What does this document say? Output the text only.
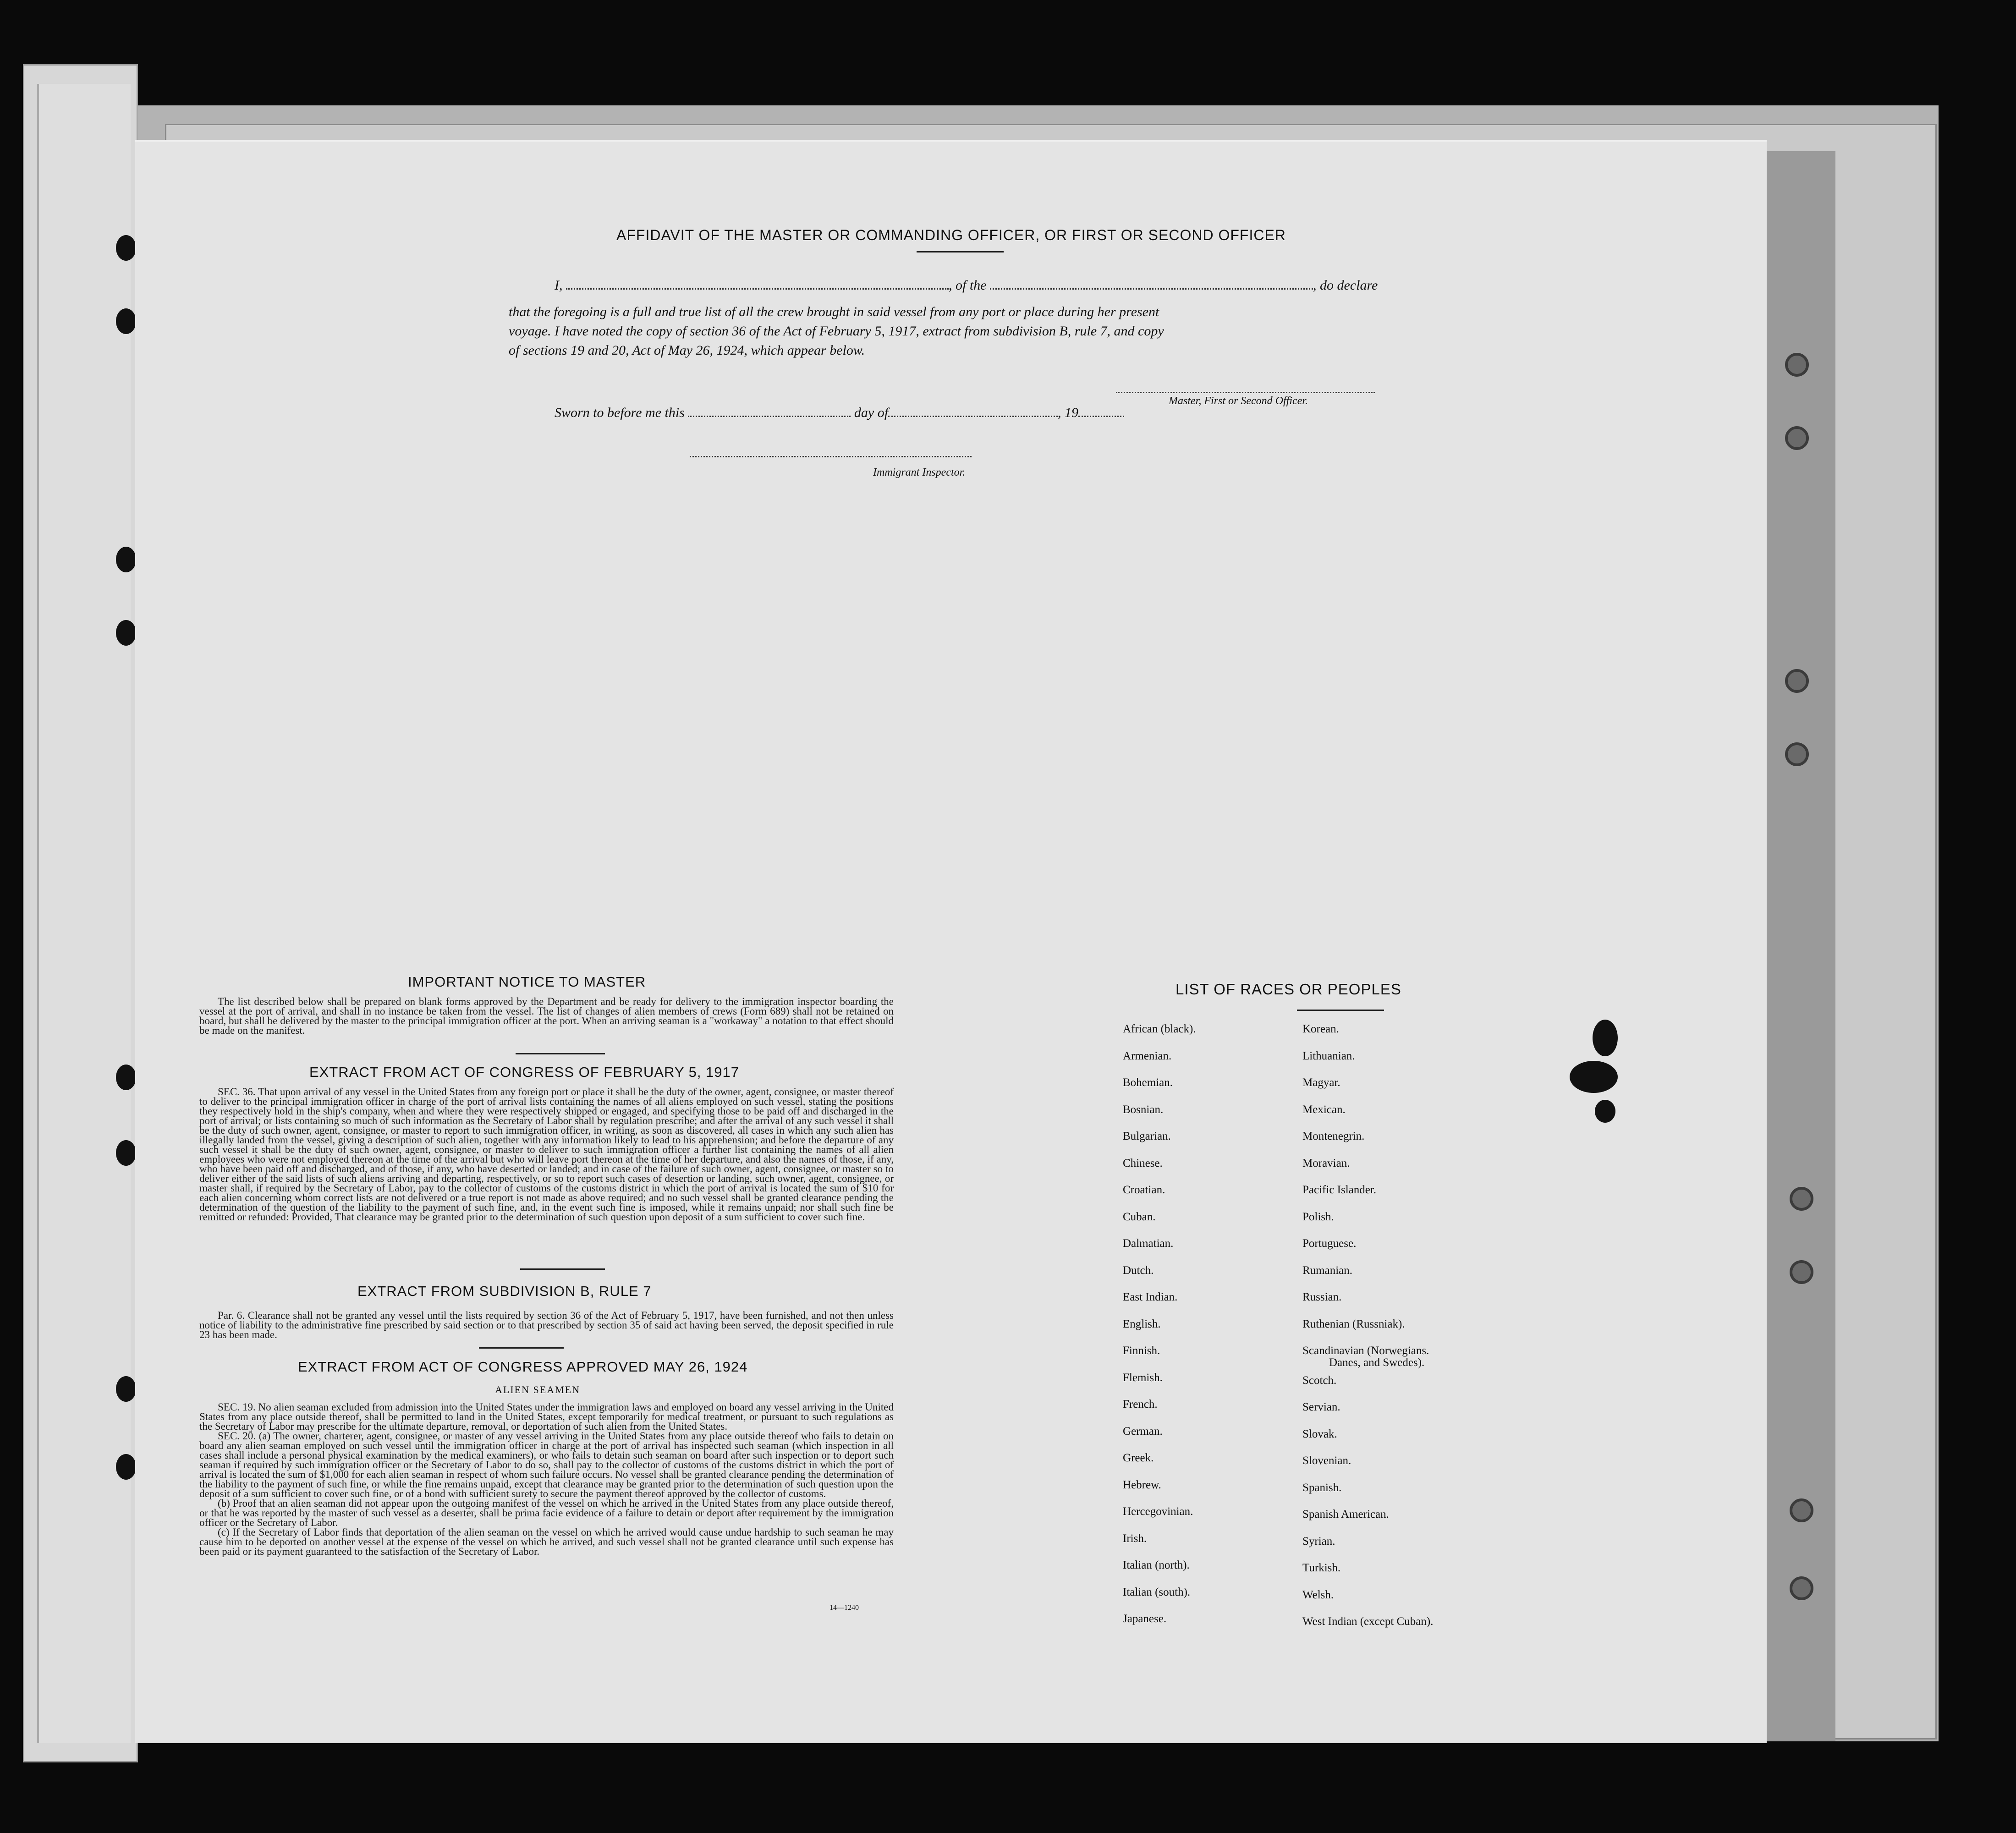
AFFIDAVIT OF THE MASTER OR COMMANDING OFFICER, OR FIRST OR SECOND OFFICER
I,	, of the	, do declare
that the foregoing is a full and true list of all the crew brought in said vessel from any port or place during her present
voyage. I have noted the copy of section 36 of the Act of February 5, 1917, extract from subdivision B, rule 7, and copy
of sections 19 and 20, Act of May 26, 1924, which appear below.
Master, First or Second Officer.
Sworn to before me this	day of	, 19
Immigrant Inspector.
IMPORTANT NOTICE TO MASTER
The list described below shall be prepared on blank forms approved by the Department and be ready for delivery to the immigration inspector boarding the vessel at the port of arrival, and shall in no instance be taken from the vessel. The list of changes of alien members of crews (Form 689) shall not be retained on board, but shall be delivered by the master to the principal immigration officer at the port. When an arriving seaman is a "workaway" a notation to that effect should be made on the manifest.
EXTRACT FROM ACT OF CONGRESS OF FEBRUARY 5, 1917
SEC. 36. That upon arrival of any vessel in the United States from any foreign port or place it shall be the duty of the owner, agent, consignee, or master thereof to deliver to the principal immigration officer in charge of the port of arrival lists containing the names of all aliens employed on such vessel, stating the positions they respectively hold in the ship's company, when and where they were respectively shipped or engaged, and specifying those to be paid off and discharged in the port of arrival; or lists containing so much of such information as the Secretary of Labor shall by regulation prescribe; and after the arrival of any such vessel it shall be the duty of such owner, agent, consignee, or master to report to such immigration officer, in writing, as soon as discovered, all cases in which any such alien has illegally landed from the vessel, giving a description of such alien, together with any information likely to lead to his apprehension; and before the departure of any such vessel it shall be the duty of such owner, agent, consignee, or master to deliver to such immigration officer a further list containing the names of all alien employees who were not employed thereon at the time of the arrival but who will leave port thereon at the time of her departure, and also the names of those, if any, who have been paid off and discharged, and of those, if any, who have deserted or landed; and in case of the failure of such owner, agent, consignee, or master so to deliver either of the said lists of such aliens arriving and departing, respectively, or so to report such cases of desertion or landing, such owner, agent, consignee, or master shall, if required by the Secretary of Labor, pay to the collector of customs of the customs district in which the port of arrival is located the sum of $10 for each alien concerning whom correct lists are not delivered or a true report is not made as above required; and no such vessel shall be granted clearance pending the determination of the question of the liability to the payment of such fine, and, in the event such fine is imposed, while it remains unpaid; nor shall such fine be remitted or refunded: Provided, That clearance may be granted prior to the determination of such question upon deposit of a sum sufficient to cover such fine.
EXTRACT FROM SUBDIVISION B, RULE 7
Par. 6. Clearance shall not be granted any vessel until the lists required by section 36 of the Act of February 5, 1917, have been furnished, and not then unless notice of liability to the administrative fine prescribed by said section or to that prescribed by section 35 of said act having been served, the deposit specified in rule 23 has been made.
EXTRACT FROM ACT OF CONGRESS APPROVED MAY 26, 1924
ALIEN SEAMEN
SEC. 19. No alien seaman excluded from admission into the United States under the immigration laws and employed on board any vessel arriving in the United States from any place outside thereof, shall be permitted to land in the United States, except temporarily for medical treatment, or pursuant to such regulations as the Secretary of Labor may prescribe for the ultimate departure, removal, or deportation of such alien from the United States.
SEC. 20. (a) The owner, charterer, agent, consignee, or master of any vessel arriving in the United States from any place outside thereof who fails to detain on board any alien seaman employed on such vessel until the immigration officer in charge at the port of arrival has inspected such seaman (which inspection in all cases shall include a personal physical examination by the medical examiners), or who fails to detain such seaman on board after such inspection or to deport such seaman if required by such immigration officer or the Secretary of Labor to do so, shall pay to the collector of customs of the customs district in which the port of arrival is located the sum of $1,000 for each alien seaman in respect of whom such failure occurs. No vessel shall be granted clearance pending the determination of the liability to the payment of such fine, or while the fine remains unpaid, except that clearance may be granted prior to the determination of such question upon the deposit of a sum sufficient to cover such fine, or of a bond with sufficient surety to secure the payment thereof approved by the collector of customs.
(b) Proof that an alien seaman did not appear upon the outgoing manifest of the vessel on which he arrived in the United States from any place outside thereof, or that he was reported by the master of such vessel as a deserter, shall be prima facie evidence of a failure to detain or deport after requirement by the immigration officer or the Secretary of Labor.
(c) If the Secretary of Labor finds that deportation of the alien seaman on the vessel on which he arrived would cause undue hardship to such seaman he may cause him to be deported on another vessel at the expense of the vessel on which he arrived, and such vessel shall not be granted clearance until such expense has been paid or its payment guaranteed to the satisfaction of the Secretary of Labor.
14—1240
LIST OF RACES OR PEOPLES
African (black).
Armenian.
Bohemian.
Bosnian.
Bulgarian.
Chinese.
Croatian.
Cuban.
Dalmatian.
Dutch.
East Indian.
English.
Finnish.
Flemish.
French.
German.
Greek.
Hebrew.
Hercegovinian.
Irish.
Italian (north).
Italian (south).
Japanese.
Korean.
Lithuanian.
Magyar.
Mexican.
Montenegrin.
Moravian.
Pacific Islander.
Polish.
Portuguese.
Rumanian.
Russian.
Ruthenian (Russniak).
Scandinavian (Norwegians.
Scotch.
Servian.
Slovak.
Slovenian.
Spanish.
Spanish American.
Syrian.
Turkish.
Welsh.
West Indian (except Cuban).
Danes, and Swedes).
